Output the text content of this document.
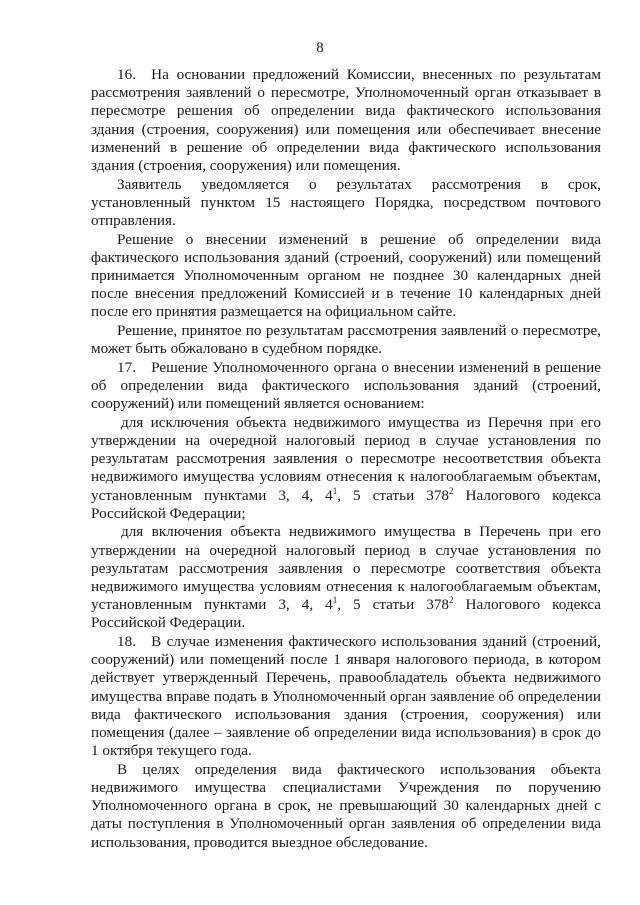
8

16. На основании предложений Комиссии, внесенных по результатам рассмотрения заявлений о пересмотре, Уполномоченный орган отказывает в пересмотре решения об определении вида фактического использования здания (строения, сооружения) или помещения или обеспечивает внесение изменений в решение об определении вида фактического использования здания (строения, сооружения) или помещения.

Заявитель уведомляется о результатах рассмотрения в срок, установленный пунктом 15 настоящего Порядка, посредством почтового отправления.

Решение о внесении изменений в решение об определении вида фактического использования зданий (строений, сооружений) или помещений принимается Уполномоченным органом не позднее 30 календарных дней после внесения предложений Комиссией и в течение 10 календарных дней после его принятия размещается на официальном сайте.

Решение, принятое по результатам рассмотрения заявлений о пересмотре, может быть обжаловано в судебном порядке.

17. Решение Уполномоченного органа о внесении изменений в решение об определении вида фактического использования зданий (строений, сооружений) или помещений является основанием:

для исключения объекта недвижимого имущества из Перечня при его утверждении на очередной налоговый период в случае установления по результатам рассмотрения заявления о пересмотре несоответствия объекта недвижимого имущества условиям отнесения к налогооблагаемым объектам, установленным пунктами 3, 4, $4^1$, 5 статьи $378^2$ Налогового кодекса Российской Федерации;

для включения объекта недвижимого имущества в Перечень при его утверждении на очередной налоговый период в случае установления по результатам рассмотрения заявления о пересмотре соответствия объекта недвижимого имущества условиям отнесения к налогооблагаемым объектам, установленным пунктами 3, 4, $4^1$, 5 статьи $378^2$ Налогового кодекса Российской Федерации.

18. В случае изменения фактического использования зданий (строений, сооружений) или помещений после 1 января налогового периода, в котором действует утвержденный Перечень, правообладатель объекта недвижимого имущества вправе подать в Уполномоченный орган заявление об определении вида фактического использования здания (строения, сооружения) или помещения (далее – заявление об определении вида использования) в срок до 1 октября текущего года.

В целях определения вида фактического использования объекта недвижимого имущества специалистами Учреждения по поручению Уполномоченного органа в срок, не превышающий 30 календарных дней с даты поступления в Уполномоченный орган заявления об определении вида использования, проводится выездное обследование.
